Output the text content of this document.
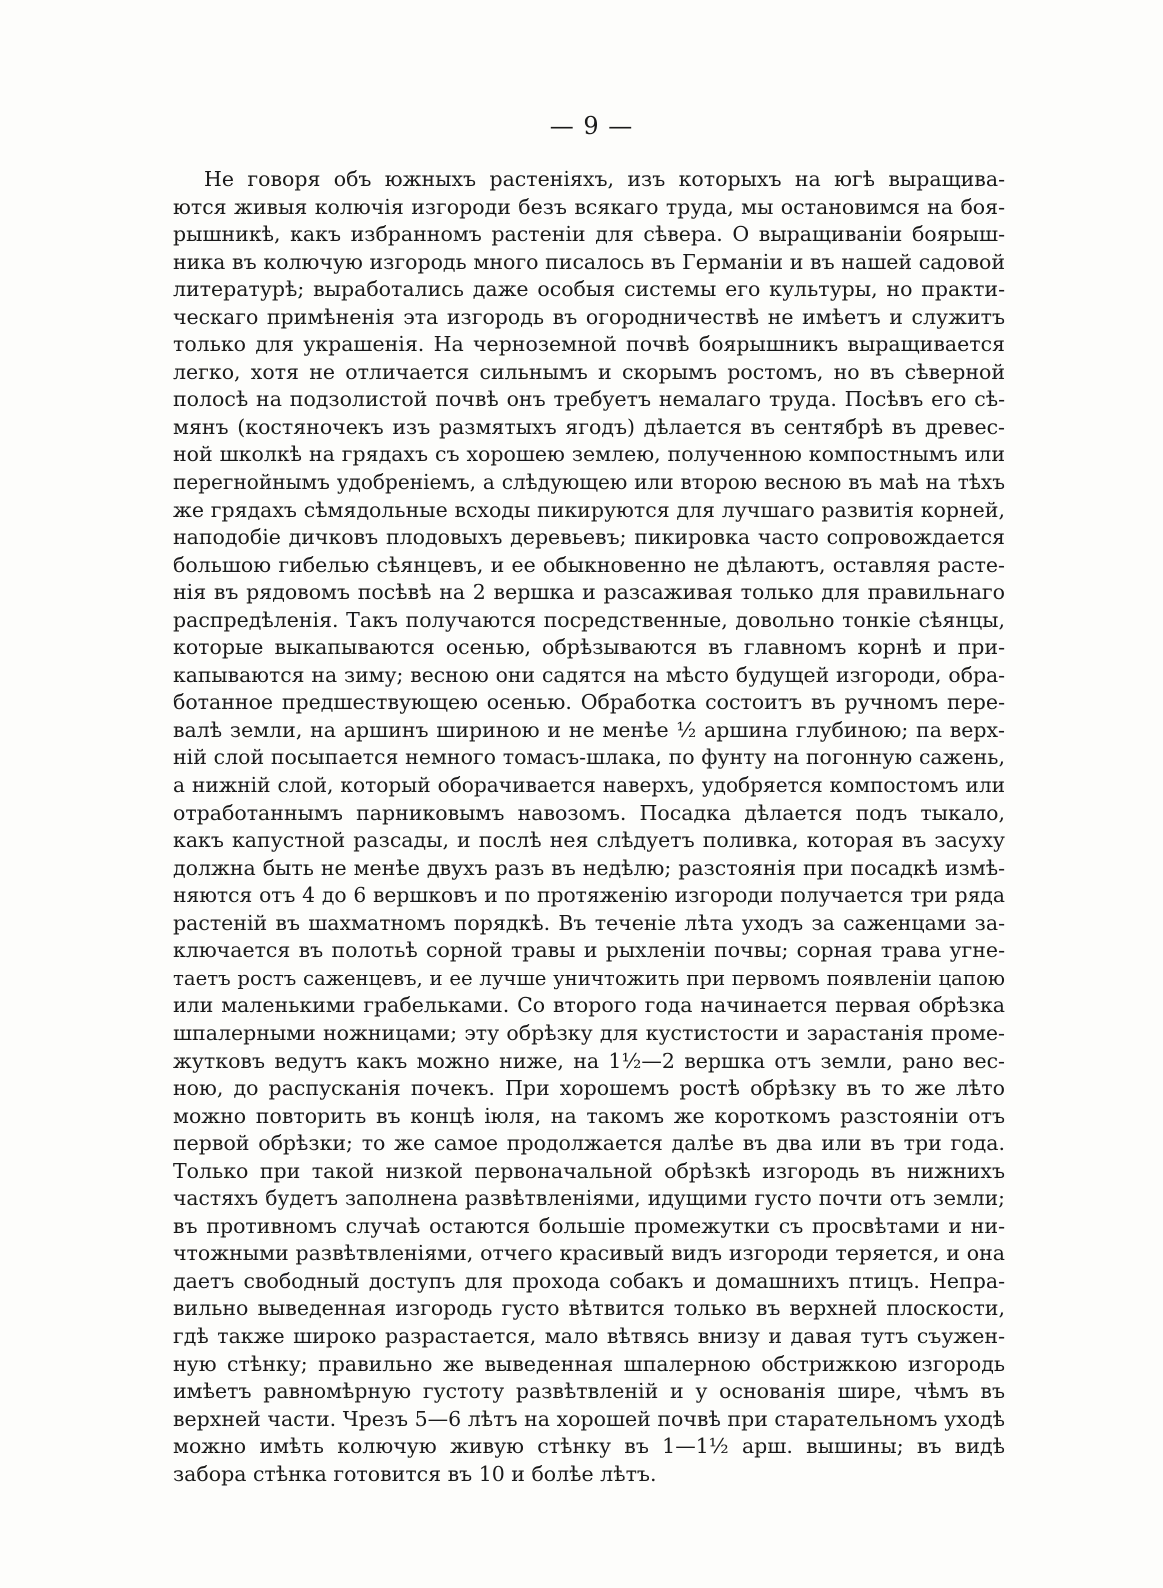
— 9 —
Не говоря объ южныхъ растенiяхъ, изъ которыхъ на югѣ выращива-
ются живыя колючiя изгороди безъ всякаго труда, мы остановимся на боя-
рышникѣ, какъ избранномъ растенiи для сѣвера. О выращиванiи боярыш-
ника въ колючую изгородь много писалось въ Германiи и въ нашей садовой
литературѣ; выработались даже особыя системы его культуры, но практи-
ческаго примѣненiя эта изгородь въ огородничествѣ не имѣетъ и служитъ
только для украшенiя. На черноземной почвѣ боярышникъ выращивается
легко, хотя не отличается сильнымъ и скорымъ ростомъ, но въ сѣверной
полосѣ на подзолистой почвѣ онъ требуетъ немалаго труда. Посѣвъ его сѣ-
мянъ (костяночекъ изъ размятыхъ ягодъ) дѣлается въ сентябрѣ въ древес-
ной школкѣ на грядахъ съ хорошею землею, полученною компостнымъ или
перегнойнымъ удобренiемъ, а слѣдующею или второю весною въ маѣ на тѣхъ
же грядахъ сѣмядольные всходы пикируются для лучшаго развитiя корней,
наподобiе дичковъ плодовыхъ деревьевъ; пикировка часто сопровождается
большою гибелью сѣянцевъ, и ее обыкновенно не дѣлаютъ, оставляя расте-
нiя въ рядовомъ посѣвѣ на 2 вершка и разсаживая только для правильнаго
распредѣленiя. Такъ получаются посредственные, довольно тонкiе сѣянцы,
которые выкапываются осенью, обрѣзываются въ главномъ корнѣ и при-
капываются на зиму; весною они садятся на мѣсто будущей изгороди, обра-
ботанное предшествующею осенью. Обработка состоитъ въ ручномъ пере-
валѣ земли, на аршинъ шириною и не менѣе ½ аршина глубиною; па верх-
нiй слой посыпается немного томасъ-шлака, по фунту на погонную сажень,
а нижнiй слой, который оборачивается наверхъ, удобряется компостомъ или
отработаннымъ парниковымъ навозомъ. Посадка дѣлается подъ тыкало,
какъ капустной разсады, и послѣ нея слѣдуетъ поливка, которая въ засуху
должна быть не менѣе двухъ разъ въ недѣлю; разстоянiя при посадкѣ измѣ-
няются отъ 4 до 6 вершковъ и по протяженiю изгороди получается три ряда
растенiй въ шахматномъ порядкѣ. Въ теченiе лѣта уходъ за саженцами за-
ключается въ полотьѣ сорной травы и рыхленiи почвы; сорная трава угне-
таетъ ростъ саженцевъ, и ее лучше уничтожить при первомъ появленiи цапою
или маленькими грабельками. Со второго года начинается первая обрѣзка
шпалерными ножницами; эту обрѣзку для кустистости и зарастанiя проме-
жутковъ ведутъ какъ можно ниже, на 1½—2 вершка отъ земли, рано вес-
ною, до распусканiя почекъ. При хорошемъ ростѣ обрѣзку въ то же лѣто
можно повторить въ концѣ iюля, на такомъ же короткомъ разстоянiи отъ
первой обрѣзки; то же самое продолжается далѣе въ два или въ три года.
Только при такой низкой первоначальной обрѣзкѣ изгородь въ нижнихъ
частяхъ будетъ заполнена развѣтвленiями, идущими густо почти отъ земли;
въ противномъ случаѣ остаются большiе промежутки съ просвѣтами и ни-
чтожными развѣтвленiями, отчего красивый видъ изгороди теряется, и она
даетъ свободный доступъ для прохода собакъ и домашнихъ птицъ. Непра-
вильно выведенная изгородь густо вѣтвится только въ верхней плоскости,
гдѣ также широко разрастается, мало вѣтвясь внизу и давая тутъ съужен-
ную стѣнку; правильно же выведенная шпалерною обстрижкою изгородь
имѣетъ равномѣрную густоту развѣтвленiй и у основанiя шире, чѣмъ въ
верхней части. Чрезъ 5—6 лѣтъ на хорошей почвѣ при старательномъ уходѣ
можно имѣть колючую живую стѣнку въ 1—1½ арш. вышины; въ видѣ
забора стѣнка готовится въ 10 и болѣе лѣтъ.
